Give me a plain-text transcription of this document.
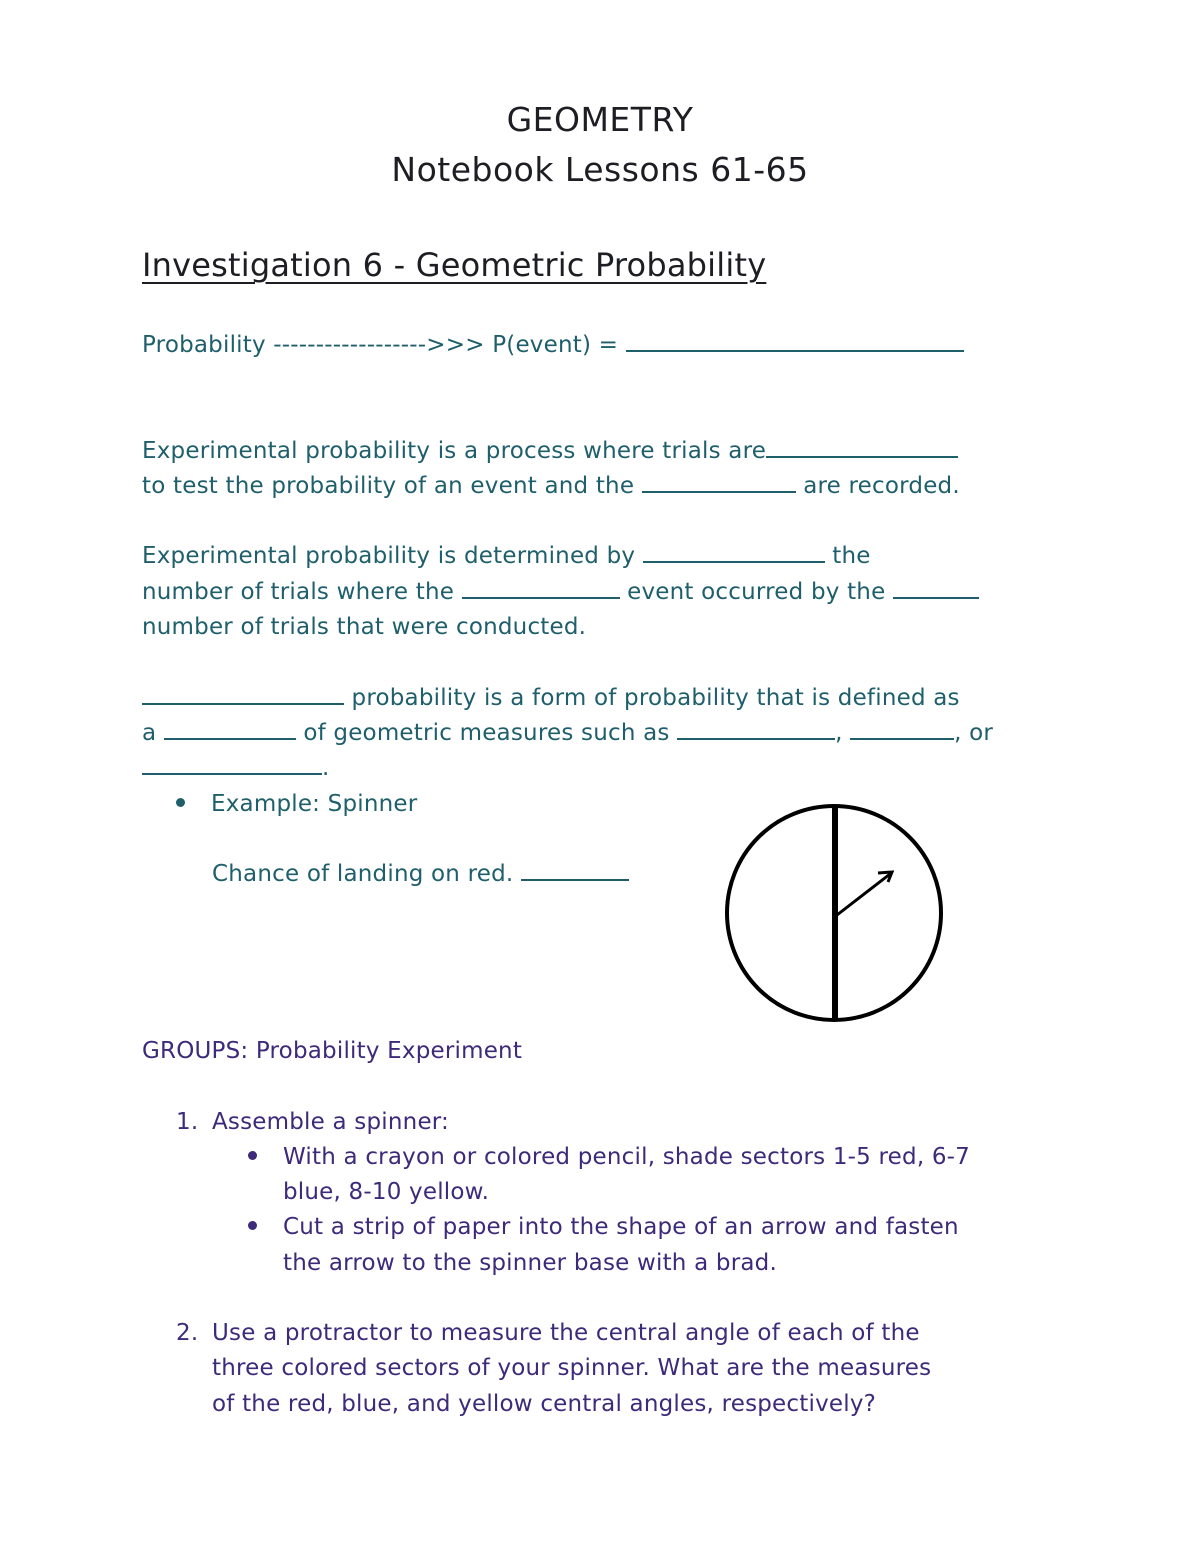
GEOMETRY
Notebook Lessons 61-65
Investigation 6 - Geometric Probability
Probability ------------------>>> P(event) =
Experimental probability is a process where trials are
to test the probability of an event and the	are recorded.
Experimental probability is determined by	the
number of trials where the	event occurred by the
number of trials that were conducted.
probability is a form of probability that is defined as
a	of geometric measures such as	,	, or
.
Example: Spinner
Chance of landing on red.
GROUPS: Probability Experiment
1. Assemble a spinner:
With a crayon or colored pencil, shade sectors 1-5 red, 6-7
blue, 8-10 yellow.
Cut a strip of paper into the shape of an arrow and fasten
the arrow to the spinner base with a brad.
2. Use a protractor to measure the central angle of each of the
three colored sectors of your spinner. What are the measures
of the red, blue, and yellow central angles, respectively?
